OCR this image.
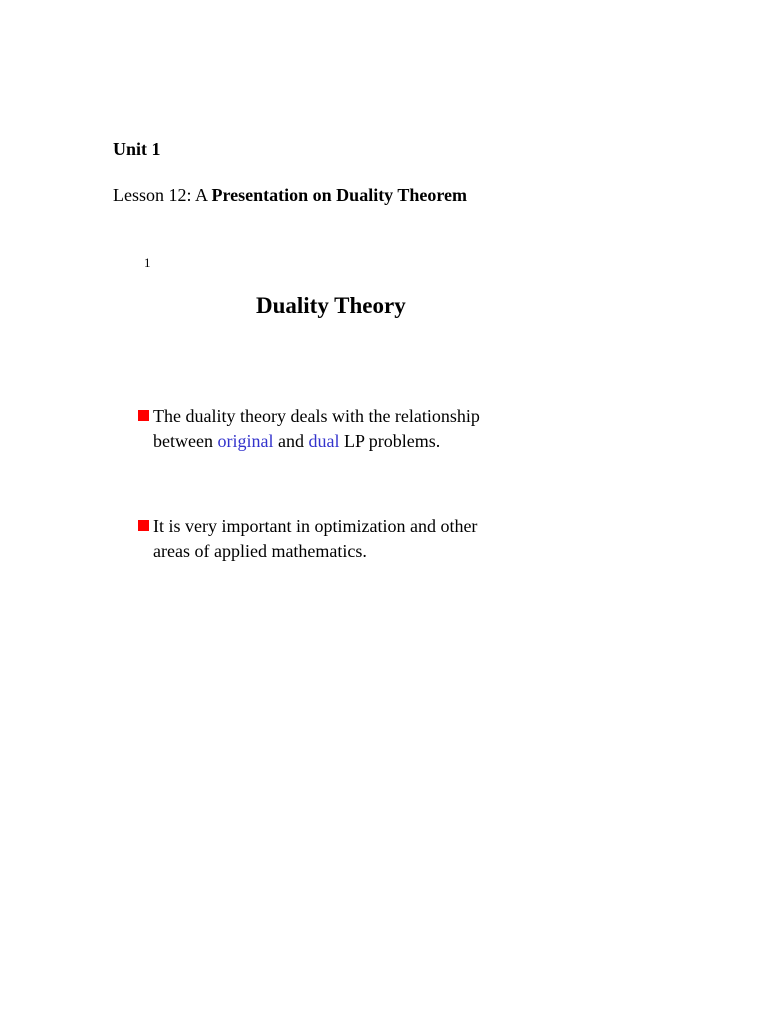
Unit 1
Lesson 12: A Presentation on Duality Theorem
1
Duality Theory
The duality theory deals with the relationship
between original and dual LP problems.
It is very important in optimization and other
areas of applied mathematics.
